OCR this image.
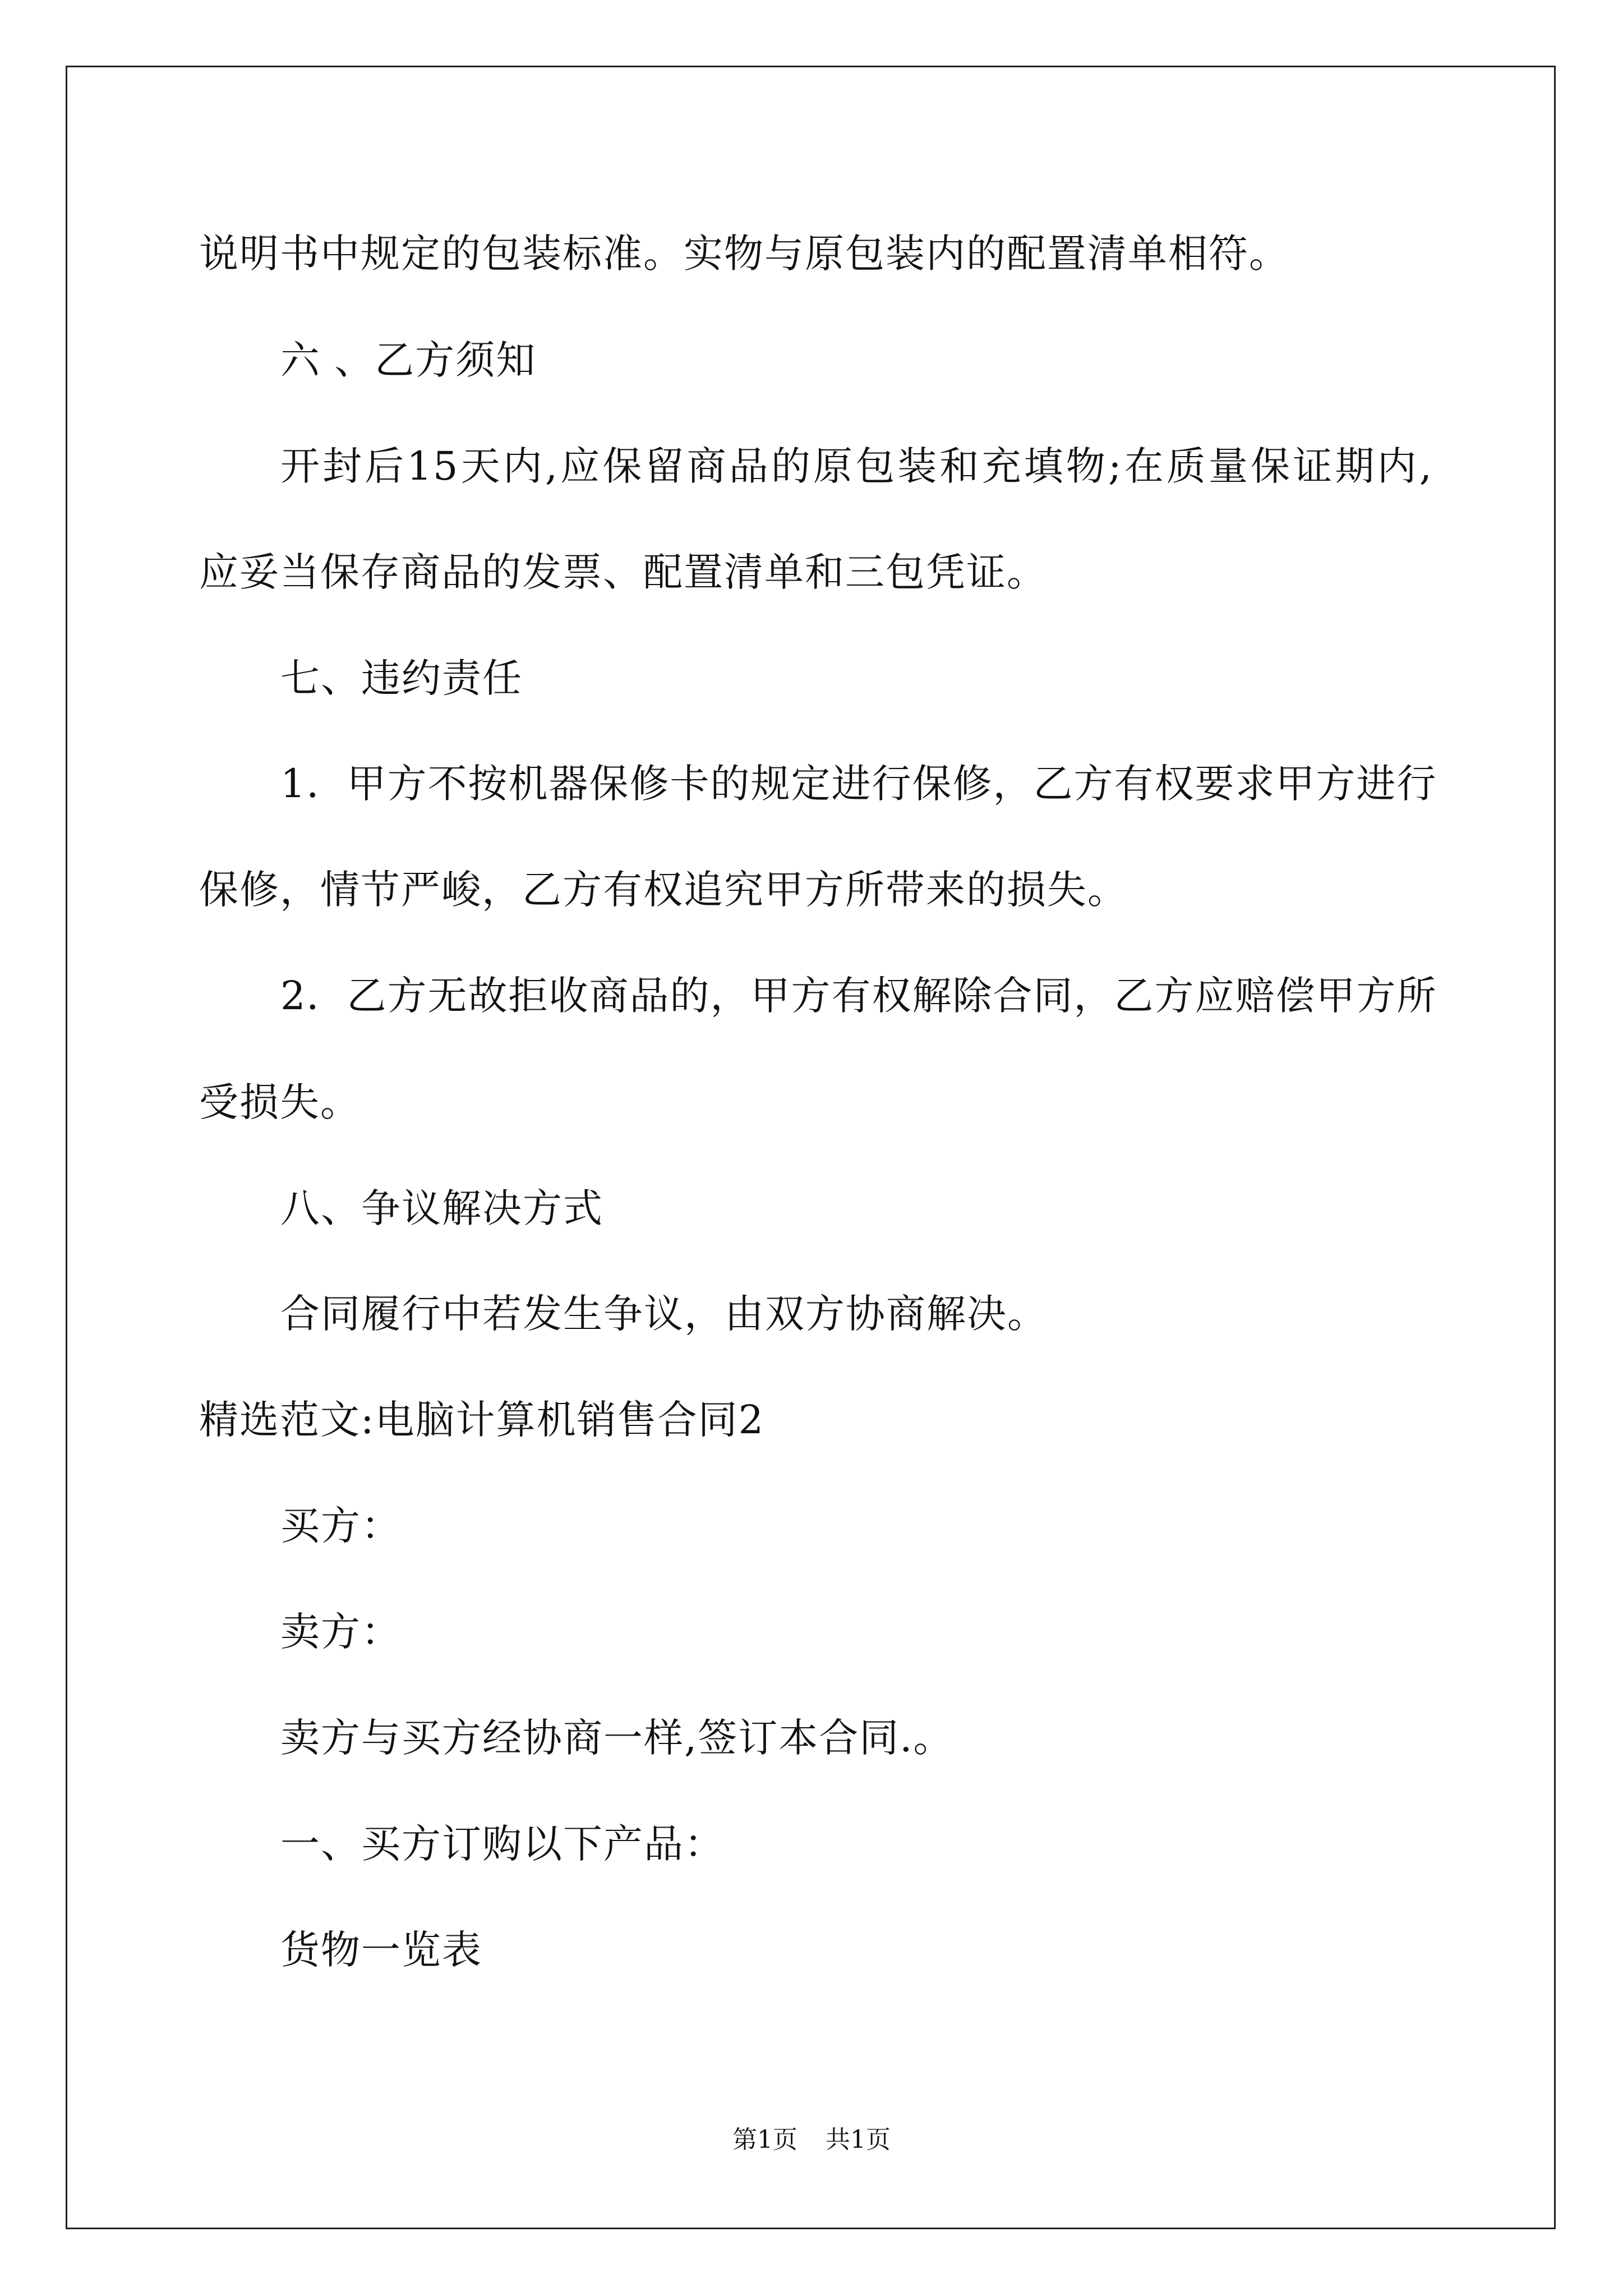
说明书中规定的包装标准。实物与原包装内的配置清单相符。
六 、乙方须知
开封后15天内,应保留商品的原包装和充填物;在质量保证期内,
应妥当保存商品的发票、配置清单和三包凭证。
七、违约责任
1．甲方不按机器保修卡的规定进行保修，乙方有权要求甲方进行
保修，情节严峻，乙方有权追究甲方所带来的损失。
2．乙方无故拒收商品的，甲方有权解除合同，乙方应赔偿甲方所
受损失。
八、争议解决方式
合同履行中若发生争议，由双方协商解决。
精选范文:电脑计算机销售合同2
买方：
卖方：
卖方与买方经协商一样,签订本合同.。
一、买方订购以下产品：
货物一览表
第1页 共1页
